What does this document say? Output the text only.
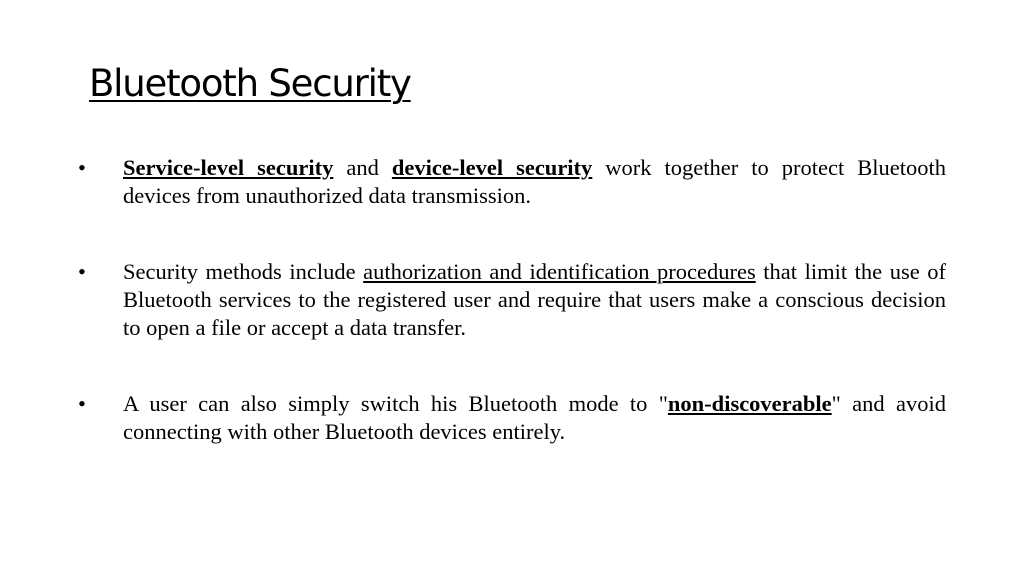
Bluetooth Security
•	Service-level security and device-level security work together to protect Bluetooth devices from unauthorized data transmission.
•	Security methods include authorization and identification procedures that limit the use of Bluetooth services to the registered user and require that users make a conscious decision to open a file or accept a data transfer.
•	A user can also simply switch his Bluetooth mode to "non-discoverable" and avoid connecting with other Bluetooth devices entirely.
